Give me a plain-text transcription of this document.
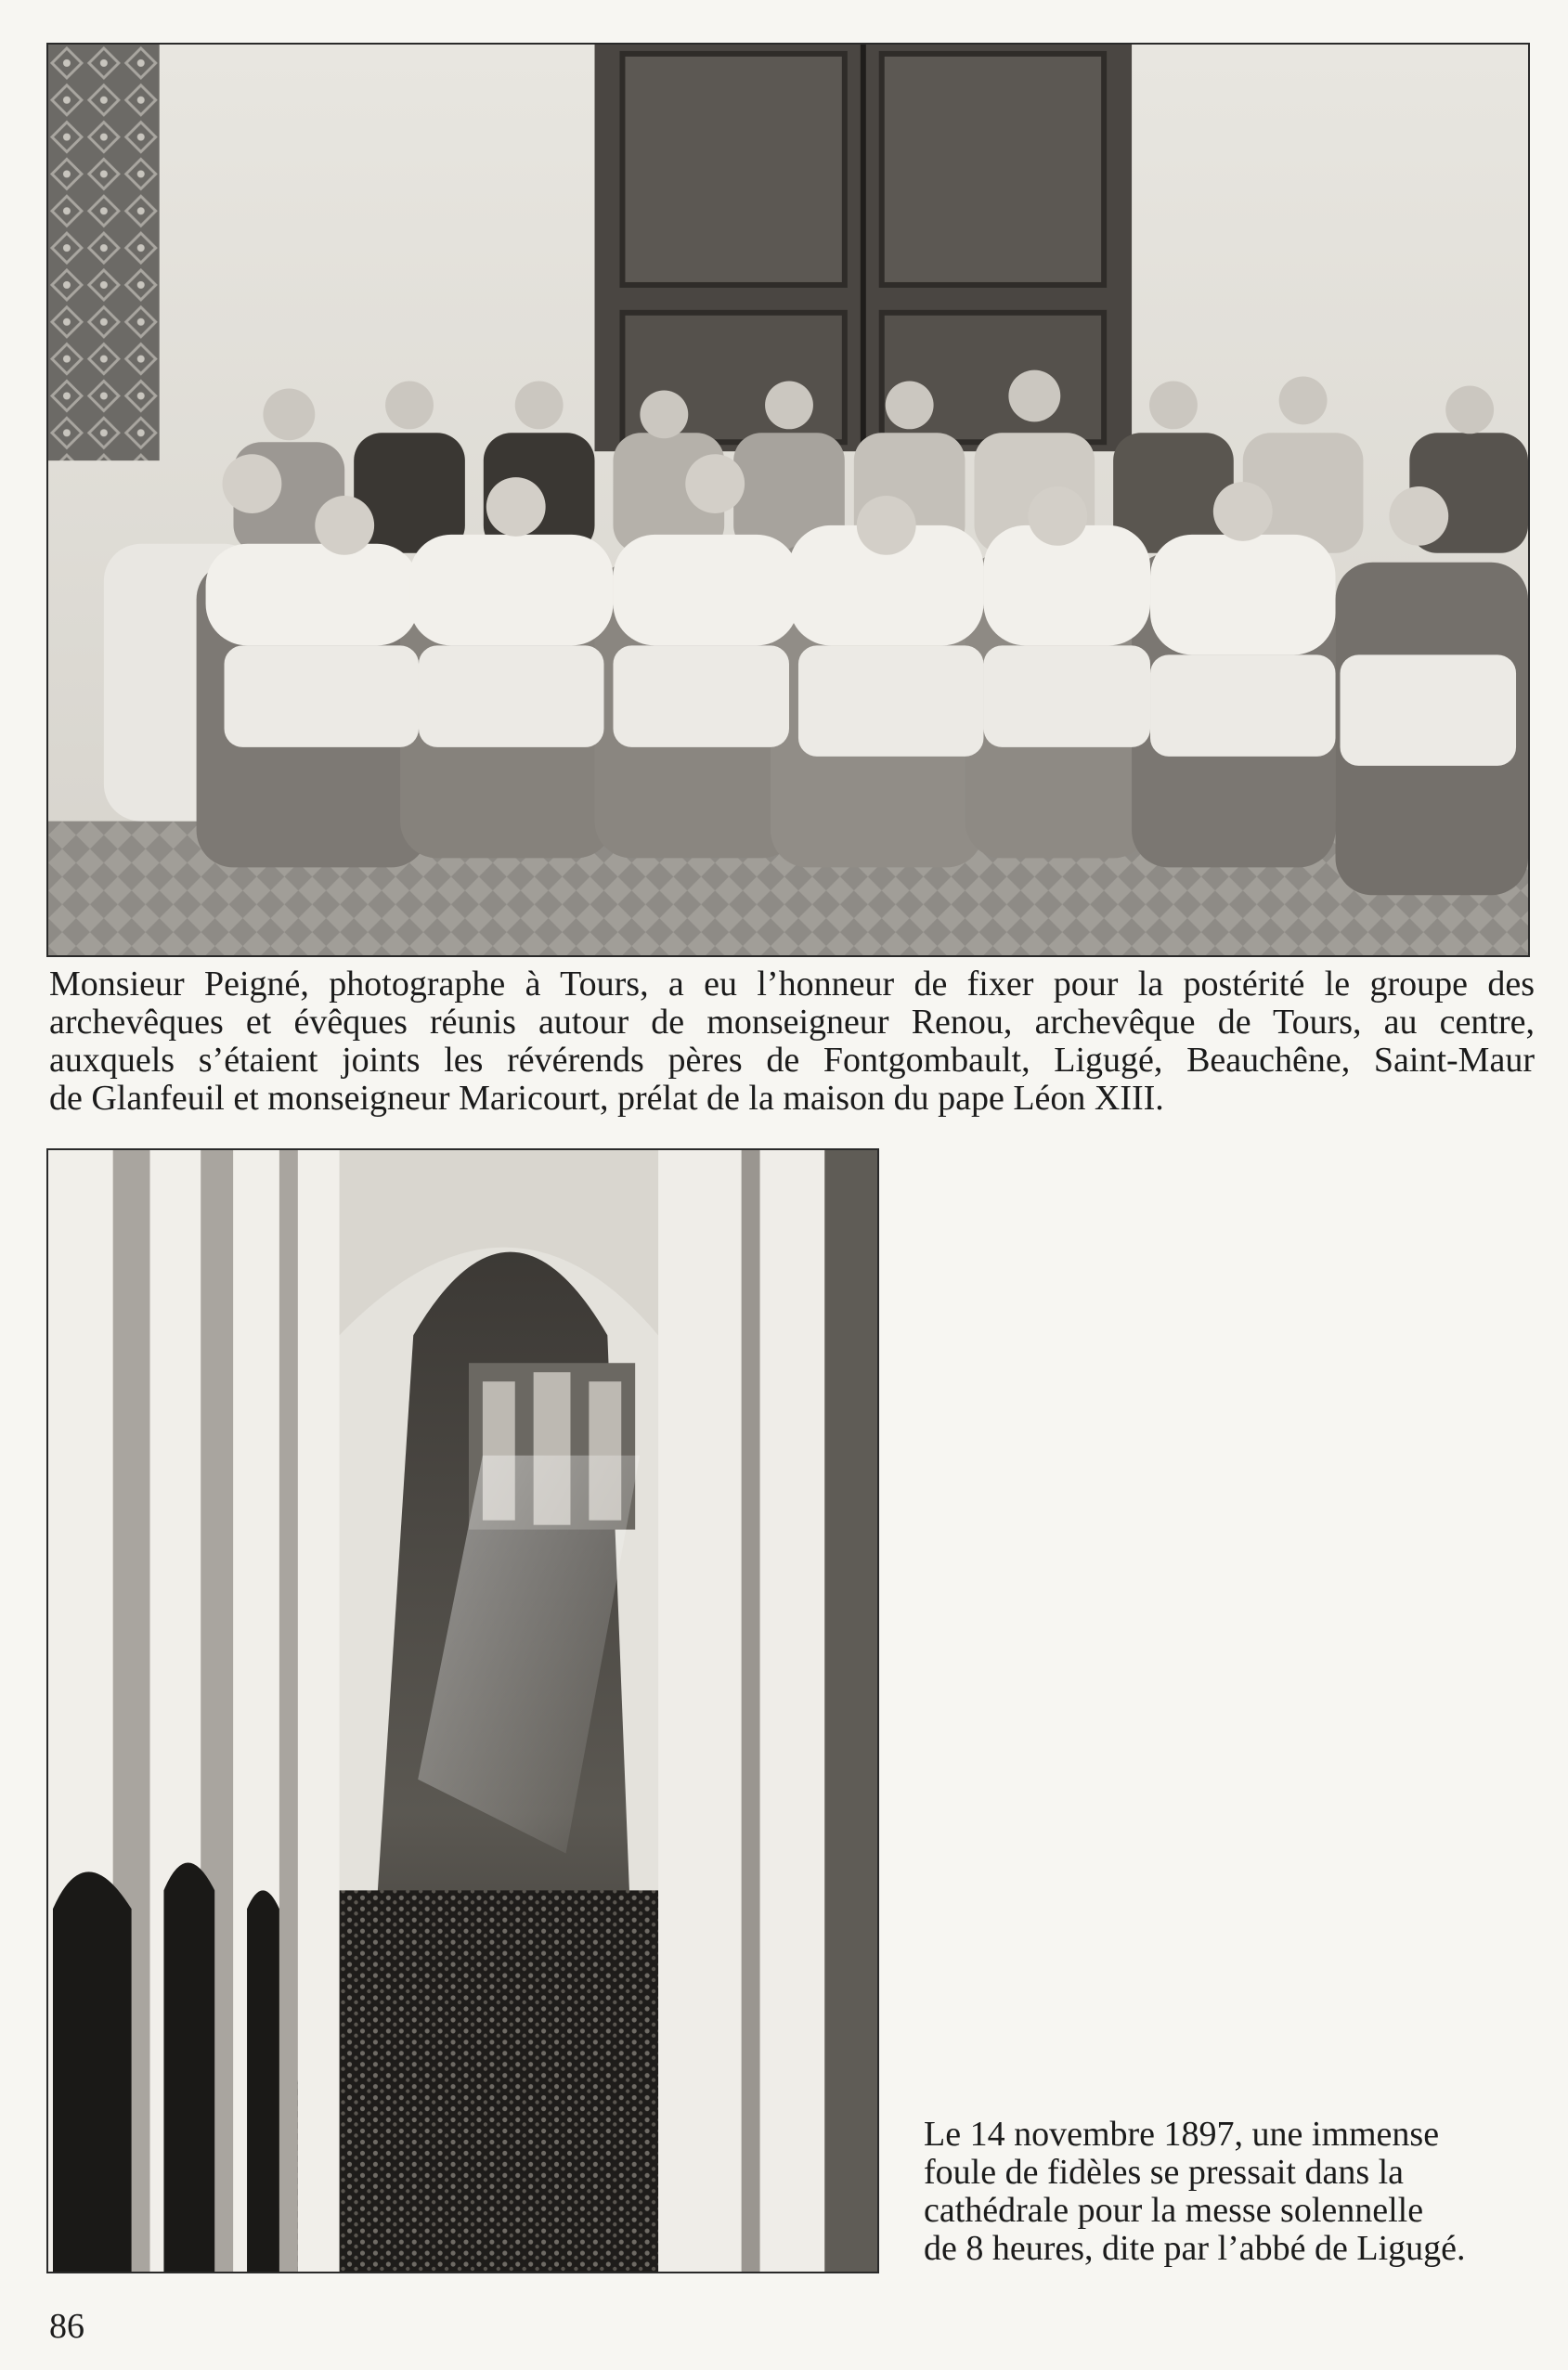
Monsieur Peigné, photographe à Tours, a eu l’honneur de fixer pour la postérité le groupe des
archevêques et évêques réunis autour de monseigneur Renou, archevêque de Tours, au centre,
auxquels s’étaient joints les révérends pères de Fontgombault, Ligugé, Beauchêne, Saint-Maur
de Glanfeuil et monseigneur Maricourt, prélat de la maison du pape Léon XIII.

Le 14 novembre 1897, une immense
foule de fidèles se pressait dans la
cathédrale pour la messe solennelle
de 8 heures, dite par l’abbé de Ligugé.

86
